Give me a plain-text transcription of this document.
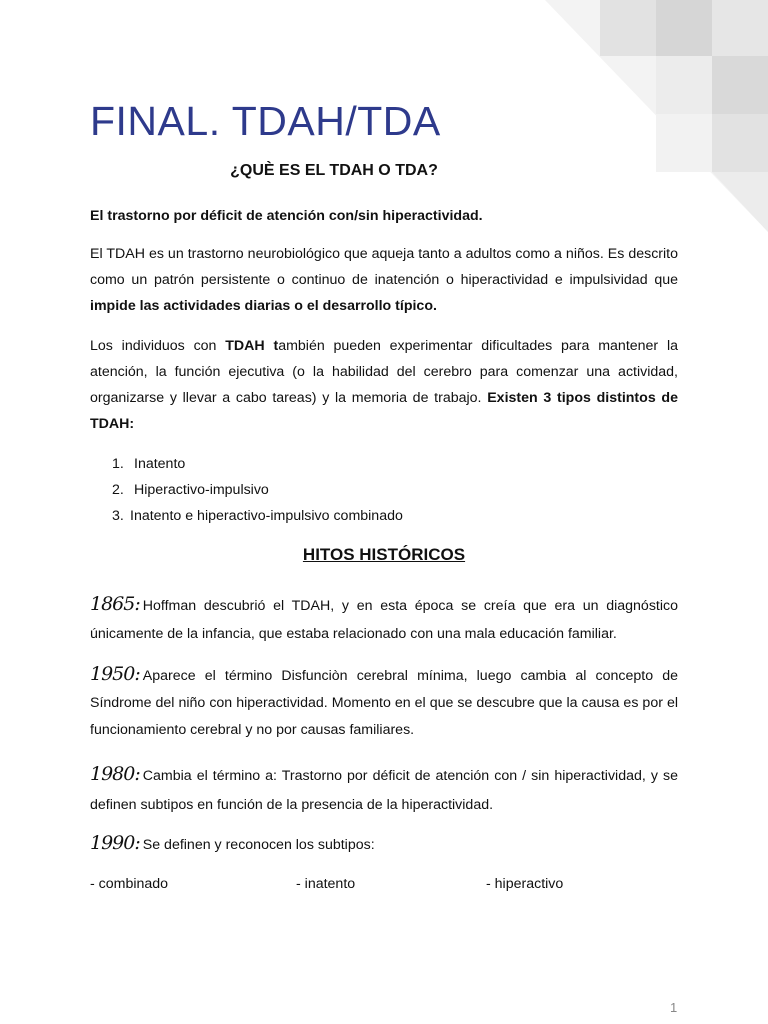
FINAL. TDAH/TDA
¿QUÈ ES EL TDAH O TDA?

El trastorno por déficit de atención con/sin hiperactividad.

El TDAH es un trastorno neurobiológico que aqueja tanto a adultos como a niños. Es descrito como un patrón persistente o continuo de inatención o hiperactividad e impulsividad que impide las actividades diarias o el desarrollo típico.

Los individuos con TDAH también pueden experimentar dificultades para mantener la atención, la función ejecutiva (o la habilidad del cerebro para comenzar una actividad, organizarse y llevar a cabo tareas) y la memoria de trabajo. Existen 3 tipos distintos de TDAH:

1. Inatento
2. Hiperactivo-impulsivo
3. Inatento e hiperactivo-impulsivo combinado
HITOS HISTÓRICOS

1865: Hoffman descubrió el TDAH, y en esta época se creía que era un diagnóstico únicamente de la infancia, que estaba relacionado con una mala educación familiar.

1950: Aparece el término Disfunciòn cerebral mínima, luego cambia al concepto de Síndrome del niño con hiperactividad. Momento en el que se descubre que la causa es por el funcionamiento cerebral y no por causas familiares.

1980: Cambia el término a: Trastorno por déficit de atención con / sin hiperactividad, y se definen subtipos en función de la presencia de la hiperactividad.

1990: Se definen y reconocen los subtipos:

- combinado	- inatento	- hiperactivo
1
